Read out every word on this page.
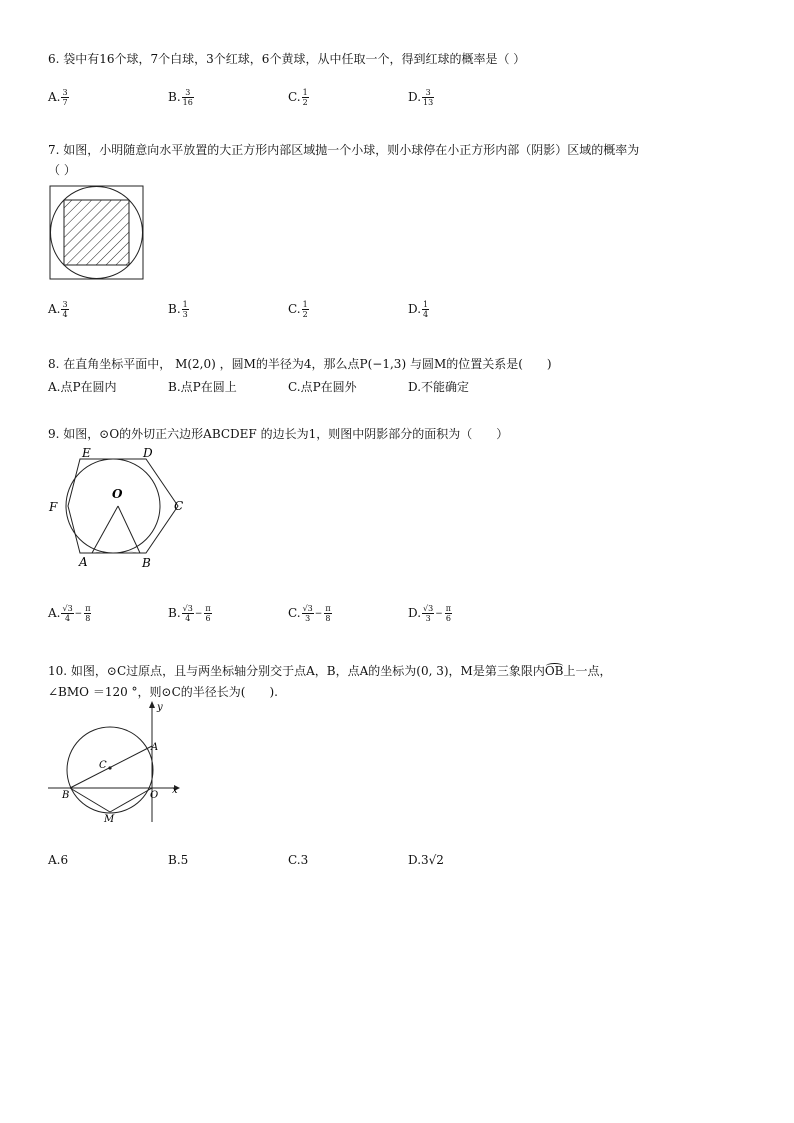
6. 袋中有16个球，7个白球，3个红球，6个黄球，从中任取一个，得到红球的概率是（ ）
A. $\frac{3}{7}$	B. $\frac{3}{16}$	C. $\frac{1}{2}$	D. $\frac{3}{13}$
7. 如图，小明随意向水平放置的大正方形内部区域抛一个小球，则小球停在小正方形内部（阴影）区域的概率为
（ ）
A. $\frac{3}{4}$	B. $\frac{1}{3}$	C. $\frac{1}{2}$	D. $\frac{1}{4}$
8. 在直角坐标平面中， M(2,0) ，圆M的半径为4，那么点P(−1,3) 与圆M的位置关系是(　　)
A.点P在圆内	B.点P在圆上	C.点P在圆外	D.不能确定
9. 如图，⊙O的外切正六边形ABCDEF 的边长为1，则图中阴影部分的面积为（　　）
E	D
F	C
O
A	B
A. $\frac{√3}{4} - \frac{\pi}{8}$	B. $\frac{√3}{4} - \frac{\pi}{6}$	C. $\frac{√3}{3} - \frac{\pi}{8}$	D. $\frac{√3}{3} - \frac{\pi}{6}$
10. 如图，⊙C过原点，且与两坐标轴分别交于点A，B，点A的坐标为(0, 3)，M是第三象限内
OB上一点，
∠BMO ＝120 °，则⊙C的半径长为(　　).
y
x
A
C
B	O
M
A.6	B.5	C.3	D.3√2
